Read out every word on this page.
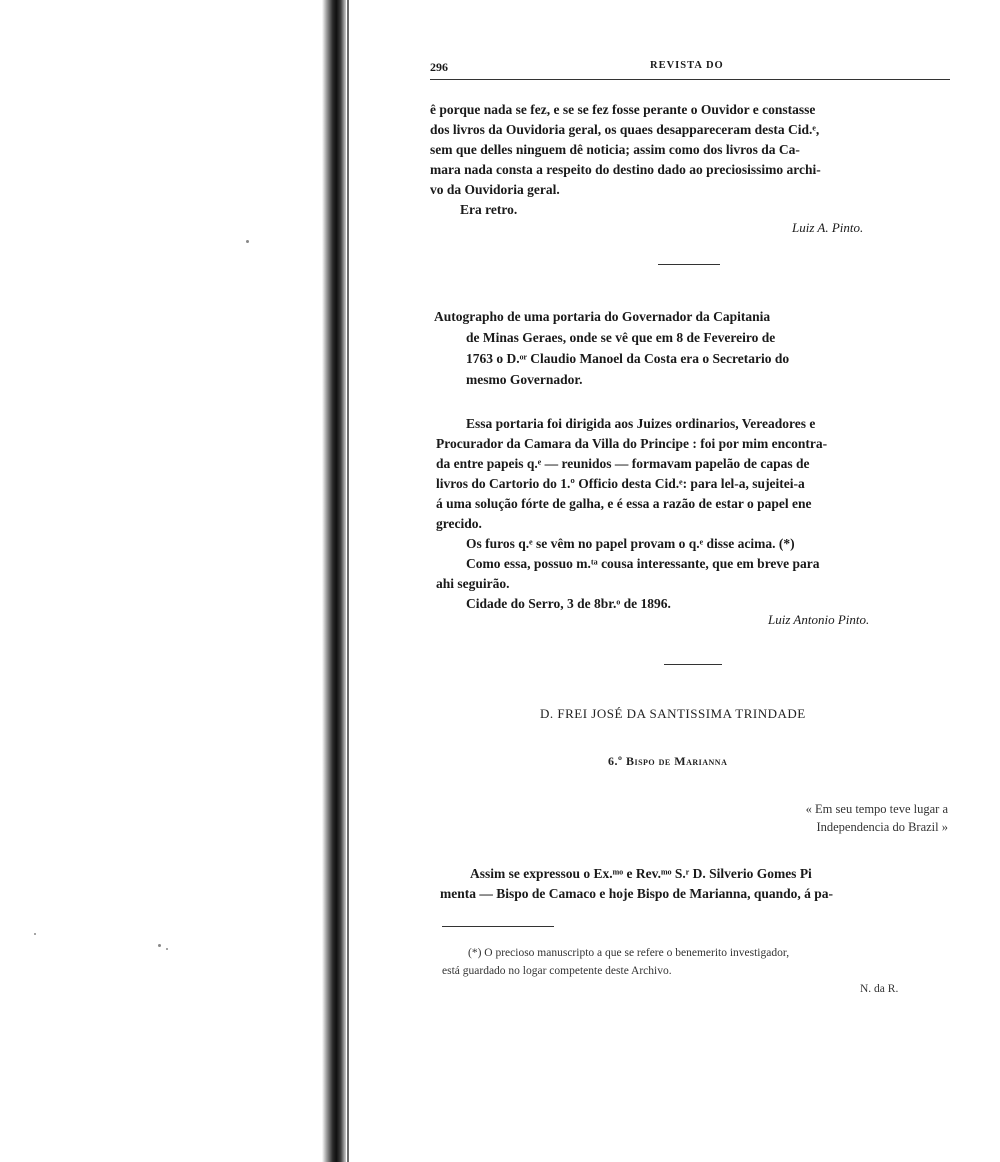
296	REVISTA DO
ê porque nada se fez, e se se fez fosse perante o Ouvidor e constasse
dos livros da Ouvidoria geral, os quaes desappareceram desta Cid.ᵉ,
sem que delles ninguem dê noticia; assim como dos livros da Ca-
mara nada consta a respeito do destino dado ao preciosissimo archi-
vo da Ouvidoria geral.
Era retro.
Luiz A. Pinto.
Autographo de uma portaria do Governador da Capitania
de Minas Geraes, onde se vê que em 8 de Fevereiro de
1763 o D.ᵒʳ Claudio Manoel da Costa era o Secretario do
mesmo Governador.
Essa portaria foi dirigida aos Juizes ordinarios, Vereadores e
Procurador da Camara da Villa do Principe : foi por mim encontra-
da entre papeis q.ᵉ — reunidos — formavam papelão de capas de
livros do Cartorio do 1.º Officio desta Cid.ᵉ: para lel-a, sujeitei-a
á uma solução fórte de galha, e é essa a razão de estar o papel ene
grecido.
Os furos q.ᵉ se vêm no papel provam o q.ᵉ disse acima. (*)
Como essa, possuo m.ᵗᵃ cousa interessante, que em breve para
ahi seguirão.
Cidade do Serro, 3 de 8br.ᵒ de 1896.
Luiz Antonio Pinto.
D. FREI JOSÉ DA SANTISSIMA TRINDADE
6.º Bispo de Marianna
« Em seu tempo teve lugar a
Independencia do Brazil »
Assim se expressou o Ex.ᵐᵒ e Rev.ᵐᵒ S.ʳ D. Silverio Gomes Pi
menta — Bispo de Camaco e hoje Bispo de Marianna, quando, á pa-
(*) O precioso manuscripto a que se refere o benemerito investigador,
está guardado no logar competente deste Archivo.
N. da R.
